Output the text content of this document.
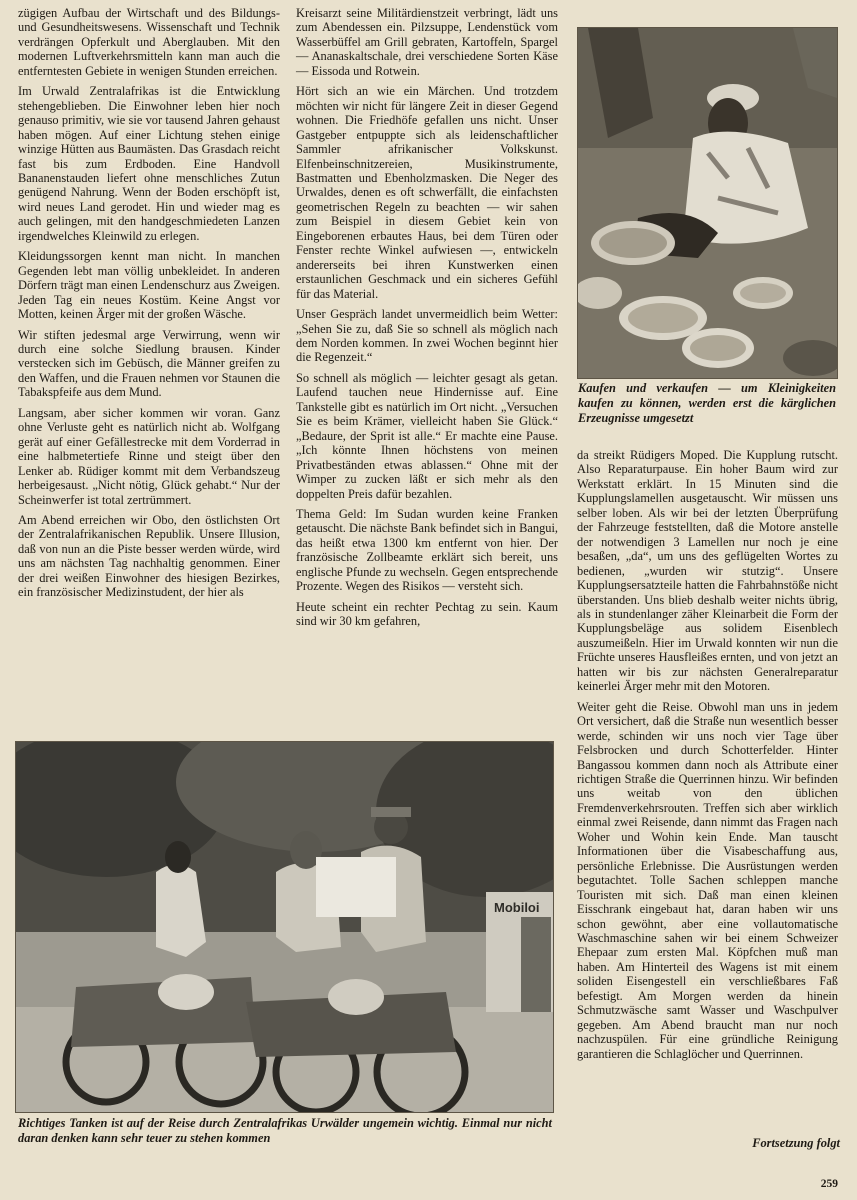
zügigen Aufbau der Wirtschaft und des Bildungs- und Gesundheitswesens. Wissenschaft und Technik verdrängen Opferkult und Aberglauben. Mit den modernen Luftverkehrsmitteln kann man auch die entferntesten Gebiete in wenigen Stunden erreichen.

Im Urwald Zentralafrikas ist die Entwicklung stehengeblieben. Die Einwohner leben hier noch genauso primitiv, wie sie vor tausend Jahren gehaust haben mögen. Auf einer Lichtung stehen einige winzige Hütten aus Baumästen. Das Grasdach reicht fast bis zum Erdboden. Eine Handvoll Bananenstauden liefert ohne menschliches Zutun genügend Nahrung. Wenn der Boden erschöpft ist, wird neues Land gerodet. Hin und wieder mag es auch gelingen, mit den handgeschmiedeten Lanzen irgendwelches Kleinwild zu erlegen.

Kleidungssorgen kennt man nicht. In manchen Gegenden lebt man völlig unbekleidet. In anderen Dörfern trägt man einen Lendenschurz aus Zweigen. Jeden Tag ein neues Kostüm. Keine Angst vor Motten, keinen Ärger mit der großen Wäsche.

Wir stiften jedesmal arge Verwirrung, wenn wir durch eine solche Siedlung brausen. Kinder verstecken sich im Gebüsch, die Männer greifen zu den Waffen, und die Frauen nehmen vor Staunen die Tabakspfeife aus dem Mund.

Langsam, aber sicher kommen wir voran. Ganz ohne Verluste geht es natürlich nicht ab. Wolfgang gerät auf einer Gefällestrecke mit dem Vorderrad in eine halbmetertiefe Rinne und steigt über den Lenker ab. Rüdiger kommt mit dem Verbandszeug herbeigesaust. „Nicht nötig, Glück gehabt.“ Nur der Scheinwerfer ist total zertrümmert.

Am Abend erreichen wir Obo, den östlichsten Ort der Zentralafrikanischen Republik. Unsere Illusion, daß von nun an die Piste besser werden würde, wird uns am nächsten Tag nachhaltig genommen. Einer der drei weißen Einwohner des hiesigen Bezirkes, ein französischer Medizinstudent, der hier als

Kreisarzt seine Militärdienstzeit verbringt, lädt uns zum Abendessen ein. Pilzsuppe, Lendenstück vom Wasserbüffel am Grill gebraten, Kartoffeln, Spargel — Ananaskaltschale, drei verschiedene Sorten Käse — Eissoda und Rotwein.

Hört sich an wie ein Märchen. Und trotzdem möchten wir nicht für längere Zeit in dieser Gegend wohnen. Die Friedhöfe gefallen uns nicht. Unser Gastgeber entpuppte sich als leidenschaftlicher Sammler afrikanischer Volkskunst. Elfenbeinschnitzereien, Musikinstrumente, Bastmatten und Ebenholzmasken. Die Neger des Urwaldes, denen es oft schwerfällt, die einfachsten geometrischen Regeln zu beachten — wir sahen zum Beispiel in diesem Gebiet kein von Eingeborenen erbautes Haus, bei dem Türen oder Fenster rechte Winkel aufwiesen —, entwickeln andererseits bei ihren Kunstwerken einen erstaunlichen Geschmack und ein sicheres Gefühl für das Material.

Unser Gespräch landet unvermeidlich beim Wetter: „Sehen Sie zu, daß Sie so schnell als möglich nach dem Norden kommen. In zwei Wochen beginnt hier die Regenzeit.“

So schnell als möglich — leichter gesagt als getan. Laufend tauchen neue Hindernisse auf. Eine Tankstelle gibt es natürlich im Ort nicht. „Versuchen Sie es beim Krämer, vielleicht haben Sie Glück.“ „Bedaure, der Sprit ist alle.“ Er machte eine Pause. „Ich könnte Ihnen höchstens von meinen Privatbeständen etwas ablassen.“ Ohne mit der Wimper zu zucken läßt er sich mehr als den doppelten Preis dafür bezahlen.

Thema Geld: Im Sudan wurden keine Franken getauscht. Die nächste Bank befindet sich in Bangui, das heißt etwa 1300 km entfernt von hier. Der französische Zollbeamte erklärt sich bereit, uns englische Pfunde zu wechseln. Gegen entsprechende Prozente. Wegen des Risikos — versteht sich.

Heute scheint ein rechter Pechtag zu sein. Kaum sind wir 30 km gefahren,

Kaufen und verkaufen — um Kleinigkeiten kaufen zu können, werden erst die kärglichen Erzeugnisse umgesetzt

da streikt Rüdigers Moped. Die Kupplung rutscht. Also Reparaturpause. Ein hoher Baum wird zur Werkstatt erklärt. In 15 Minuten sind die Kupplungslamellen ausgetauscht. Wir müssen uns selber loben. Als wir bei der letzten Überprüfung der Fahrzeuge feststellten, daß die Motore anstelle der notwendigen 3 Lamellen nur noch je eine besaßen, „da“, um uns des geflügelten Wortes zu bedienen, „wurden wir stutzig“. Unsere Kupplungsersatzteile hatten die Fahrbahnstöße nicht überstanden. Uns blieb deshalb weiter nichts übrig, als in stundenlanger zäher Kleinarbeit die Form der Kupplungsbeläge aus solidem Eisenblech auszumeißeln. Hier im Urwald konnten wir nun die Früchte unseres Hausfleißes ernten, und von jetzt an hatten wir bis zur nächsten Generalreparatur keinerlei Ärger mehr mit den Motoren.

Weiter geht die Reise. Obwohl man uns in jedem Ort versichert, daß die Straße nun wesentlich besser werde, schinden wir uns noch vier Tage über Felsbrocken und durch Schotterfelder. Hinter Bangassou kommen dann noch als Attribute einer richtigen Straße die Querrinnen hinzu. Wir befinden uns weitab von den üblichen Fremdenverkehrsrouten. Treffen sich aber wirklich einmal zwei Reisende, dann nimmt das Fragen nach Woher und Wohin kein Ende. Man tauscht Informationen über die Visabeschaffung aus, persönliche Erlebnisse. Die Ausrüstungen werden begutachtet. Tolle Sachen schleppen manche Touristen mit sich. Daß man einen kleinen Eisschrank eingebaut hat, daran haben wir uns schon gewöhnt, aber eine vollautomatische Waschmaschine sahen wir bei einem Schweizer Ehepaar zum ersten Mal. Köpfchen muß man haben. Am Hinterteil des Wagens ist mit einem soliden Eisengestell ein verschließbares Faß befestigt. Am Morgen werden da hinein Schmutzwäsche samt Wasser und Waschpulver gegeben. Am Abend braucht man nur noch nachzuspülen. Für eine gründliche Reinigung garantieren die Schlaglöcher und Querrinnen.

Mobiloi
Richtiges Tanken ist auf der Reise durch Zentralafrikas Urwälder ungemein wichtig. Einmal nur nicht daran denken kann sehr teuer zu stehen kommen	Fortsetzung folgt
259
